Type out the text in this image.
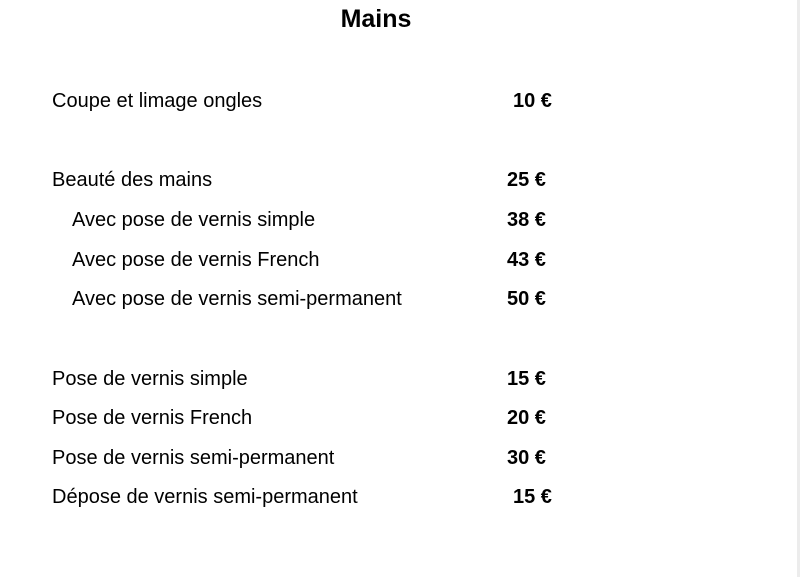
Mains
Coupe et limage ongles	10 €
Beauté des mains	25 €
Avec pose de vernis simple	38 €
Avec pose de vernis French	43 €
Avec pose de vernis semi-permanent	50 €
Pose de vernis simple	15 €
Pose de vernis French	20 €
Pose de vernis semi-permanent	30 €
Dépose de vernis semi-permanent	15 €
